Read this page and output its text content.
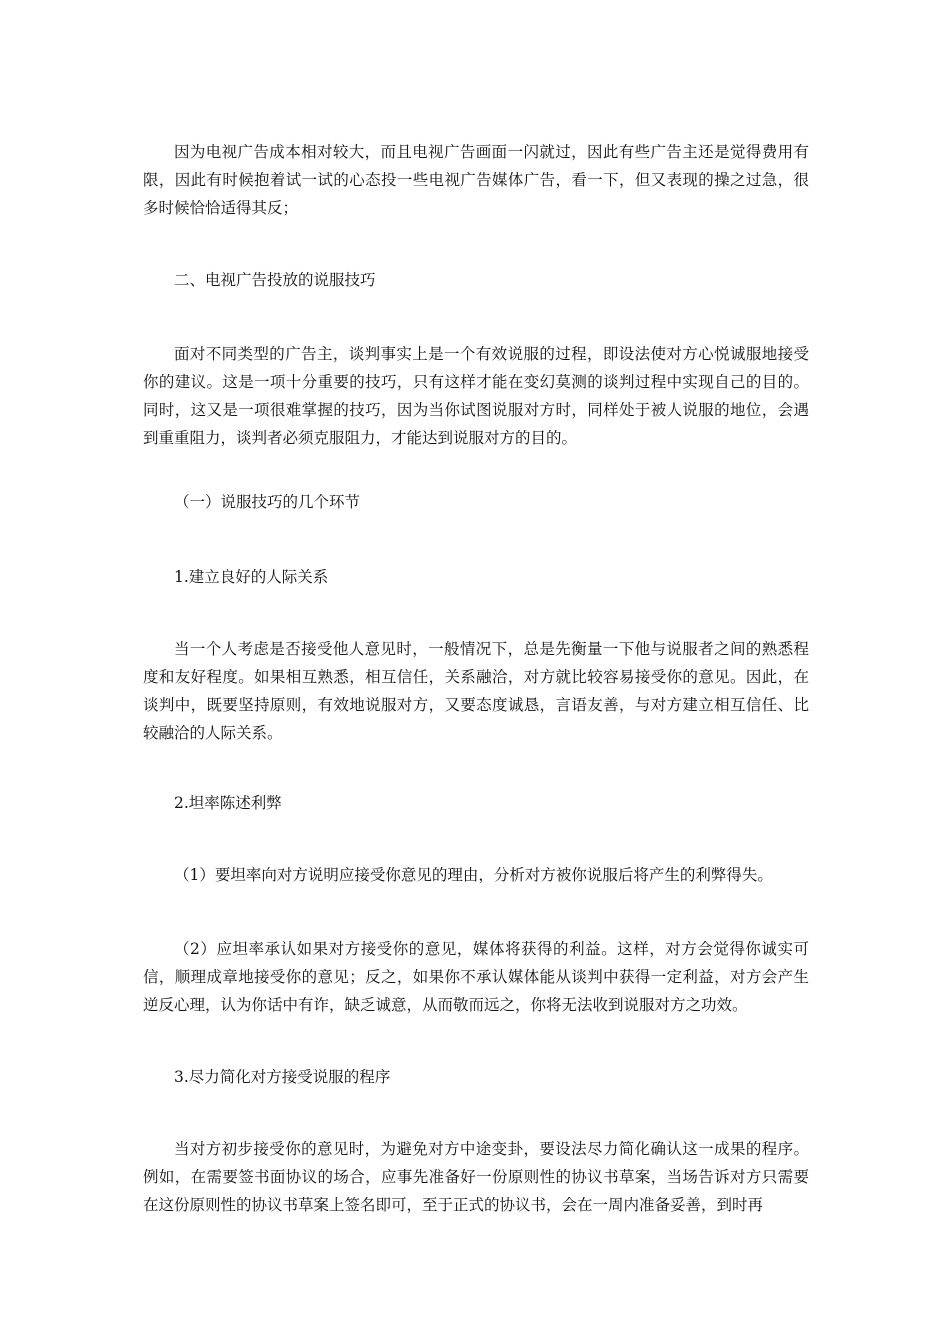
因为电视广告成本相对较大，而且电视广告画面一闪就过，因此有些广告主还是觉得费用有限，因此有时候抱着试一试的心态投一些电视广告媒体广告，看一下，但又表现的操之过急，很多时候恰恰适得其反；

二、电视广告投放的说服技巧

面对不同类型的广告主，谈判事实上是一个有效说服的过程，即设法使对方心悦诚服地接受你的建议。这是一项十分重要的技巧，只有这样才能在变幻莫测的谈判过程中实现自己的目的。同时，这又是一项很难掌握的技巧，因为当你试图说服对方时，同样处于被人说服的地位，会遇到重重阻力，谈判者必须克服阻力，才能达到说服对方的目的。

（一）说服技巧的几个环节

1.建立良好的人际关系

当一个人考虑是否接受他人意见时，一般情况下，总是先衡量一下他与说服者之间的熟悉程度和友好程度。如果相互熟悉，相互信任，关系融洽，对方就比较容易接受你的意见。因此，在谈判中，既要坚持原则，有效地说服对方，又要态度诚恳，言语友善，与对方建立相互信任、比较融洽的人际关系。

2.坦率陈述利弊

（1）要坦率向对方说明应接受你意见的理由，分析对方被你说服后将产生的利弊得失。

（2）应坦率承认如果对方接受你的意见，媒体将获得的利益。这样，对方会觉得你诚实可信，顺理成章地接受你的意见；反之，如果你不承认媒体能从谈判中获得一定利益，对方会产生逆反心理，认为你话中有诈，缺乏诚意，从而敬而远之，你将无法收到说服对方之功效。

3.尽力简化对方接受说服的程序

当对方初步接受你的意见时，为避免对方中途变卦，要设法尽力简化确认这一成果的程序。例如，在需要签书面协议的场合，应事先准备好一份原则性的协议书草案，当场告诉对方只需要在这份原则性的协议书草案上签名即可，至于正式的协议书，会在一周内准备妥善，到时再
